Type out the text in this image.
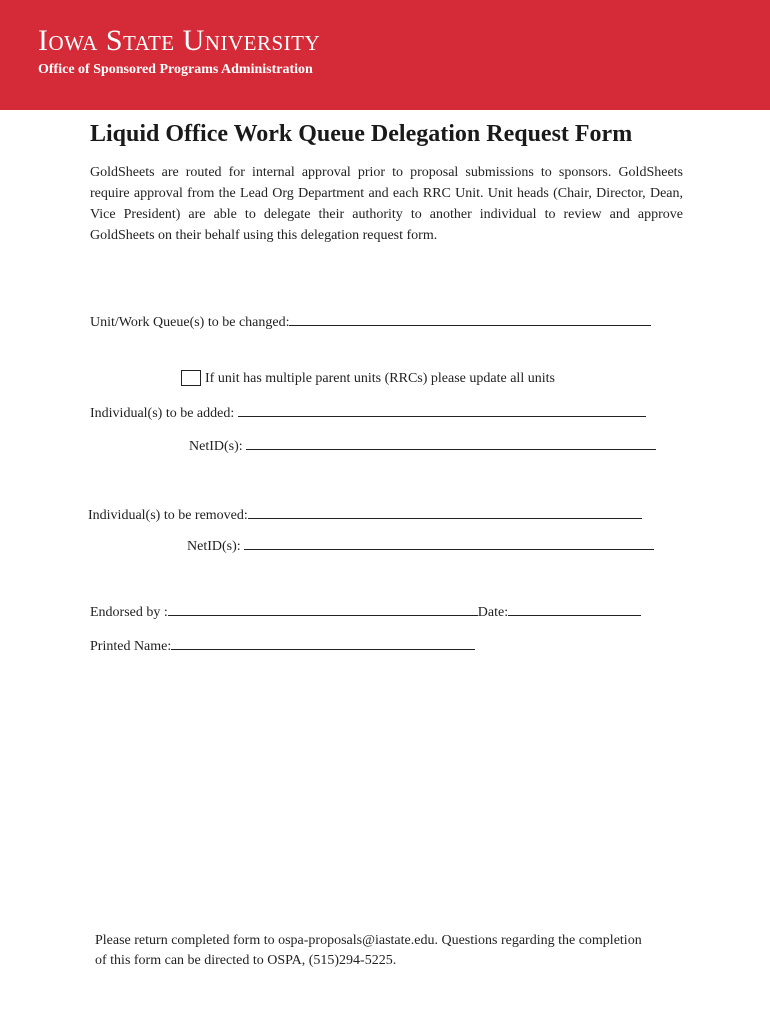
Iowa State University
Office of Sponsored Programs Administration
Liquid Office Work Queue Delegation Request Form
GoldSheets are routed for internal approval prior to proposal submissions to sponsors. GoldSheets require approval from the Lead Org Department and each RRC Unit. Unit heads (Chair, Director, Dean, Vice President) are able to delegate their authority to another individual to review and approve GoldSheets on their behalf using this delegation request form.
Unit/Work Queue(s) to be changed:
If unit has multiple parent units (RRCs) please update all units
Individual(s) to be added:
NetID(s):
Individual(s) to be removed:
NetID(s):
Endorsed by :	Date:
Printed Name:
Please return completed form to ospa-proposals@iastate.edu. Questions regarding the completion of this form can be directed to OSPA, (515)294-5225.
